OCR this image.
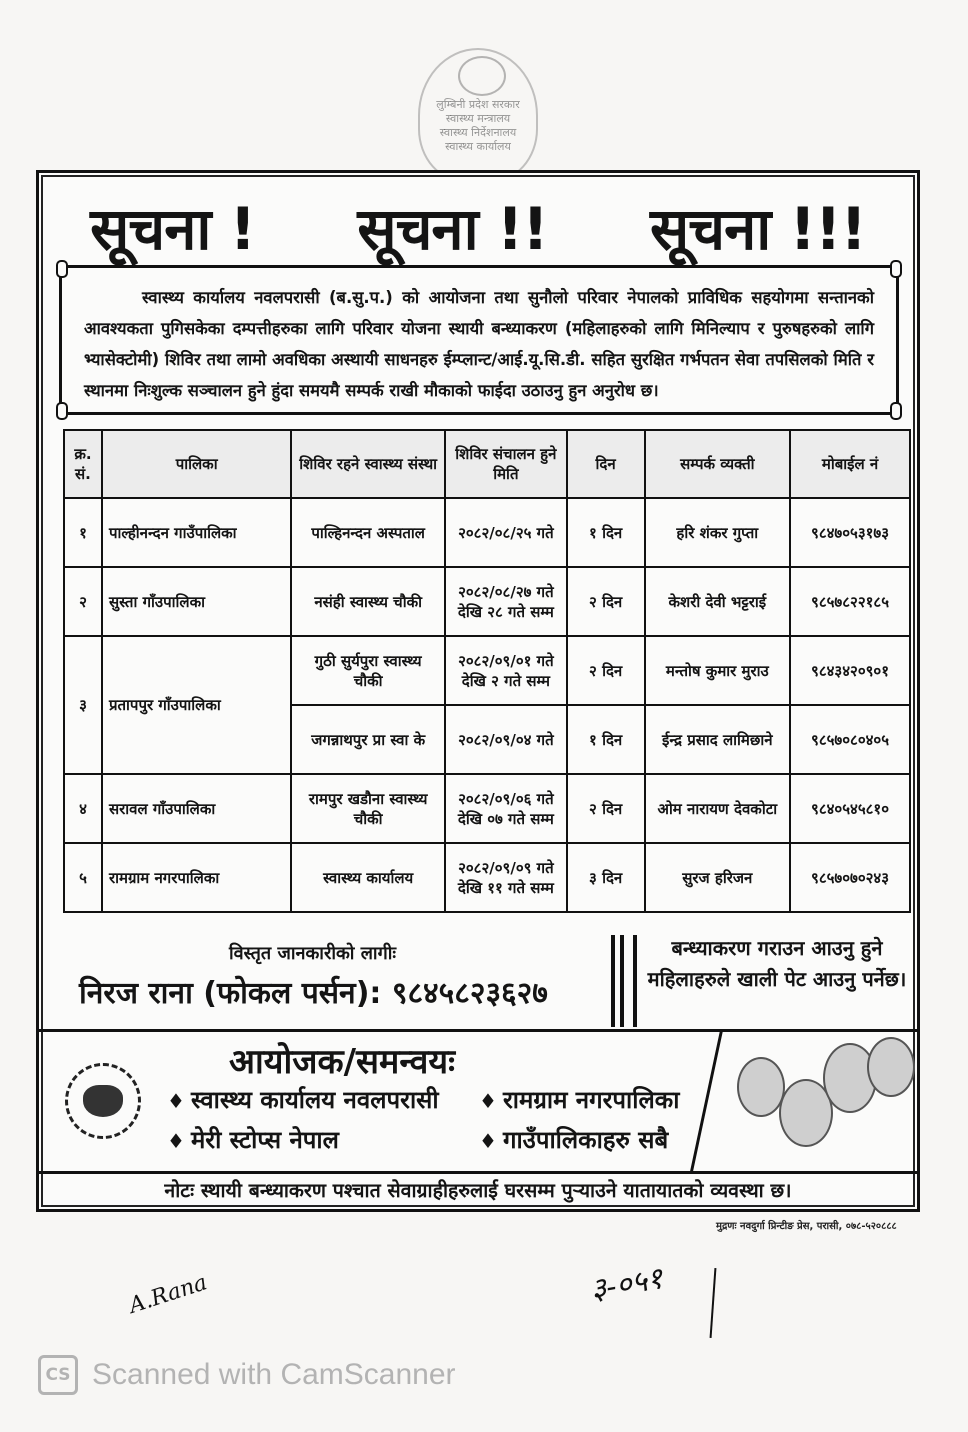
लुम्बिनी प्रदेश सरकार
स्वास्थ्य मन्त्रालय
स्वास्थ्य निर्देशनालय
स्वास्थ्य कार्यालय
सूचना ! सूचना !! सूचना !!!

स्वास्थ्य कार्यालय नवलपरासी (ब.सु.प.) को आयोजना तथा सुनौलो परिवार नेपालको प्राविधिक सहयोगमा सन्तानको आवश्यकता पुगिसकेका दम्पत्तीहरुका लागि परिवार योजना स्थायी बन्ध्याकरण (महिलाहरुको लागि मिनिल्याप र पुरुषहरुको लागि भ्यासेक्टोमी) शिविर तथा लामो अवधिका अस्थायी साधनहरु ईम्प्लान्ट/आई.यू.सि.डी. सहित सुरक्षित गर्भपतन सेवा तपसिलको मिति र स्थानमा निःशुल्क सञ्चालन हुने हुंदा समयमै सम्पर्क राखी मौकाको फाईदा उठाउनु हुन अनुरोध छ।

क्र. सं.	पालिका	शिविर रहने स्वास्थ्य संस्था	शिविर संचालन हुने मिति	दिन	सम्पर्क व्यक्ती	मोबाईल नं
१	पाल्हीनन्दन गाउँपालिका	पाल्हिनन्दन अस्पताल	२०८२/०८/२५ गते	१ दिन	हरि शंकर गुप्ता	९८४७०५३१७३
२	सुस्ता गाँउपालिका	नसंही स्वास्थ्य चौकी	२०८२/०८/२७ गते देखि २८ गते सम्म	२ दिन	केशरी देवी भट्टराई	९८५७८२२१८५
३	प्रतापपुर गाँउपालिका	गुठी सुर्यपुरा स्वास्थ्य चौकी	२०८२/०९/०१ गते देखि २ गते सम्म	२ दिन	मन्तोष कुमार मुराउ	९८४३४२०९०१
		जगन्नाथपुर प्रा स्वा के	२०८२/०९/०४ गते	१ दिन	ईन्द्र प्रसाद लामिछाने	९८५७०८०४०५
४	सरावल गाँउपालिका	रामपुर खडौना स्वास्थ्य चौकी	२०८२/०९/०६ गते देखि ०७ गते सम्म	२ दिन	ओम नारायण देवकोटा	९८४०५४५८१०
५	रामग्राम नगरपालिका	स्वास्थ्य कार्यालय	२०८२/०९/०९ गते देखि ११ गते सम्म	३ दिन	सुरज हरिजन	९८५७०७०२४३
विस्तृत जानकारीको लागीः
निरज राना (फोकल पर्सन): ९८४५८२३६२७
बन्ध्याकरण गराउन आउनु हुने महिलाहरुले खाली पेट आउनु पर्नेछ।
आयोजक/समन्वयः
♦ स्वास्थ्य कार्यालय नवलपरासी ♦ रामग्राम नगरपालिका
♦ मेरी स्टोप्स नेपाल	♦ गाउँपालिकाहरु सबै
नोटः स्थायी बन्ध्याकरण पश्चात सेवाग्राहीहरुलाई घरसम्म पुर्‍याउने यातायातको व्यवस्था छ।
मुद्रणः नवदुर्गा प्रिन्टीङ प्रेस, परासी, ०७८-५२०८८८
A.Rana	३-०५१
CS Scanned with CamScanner
